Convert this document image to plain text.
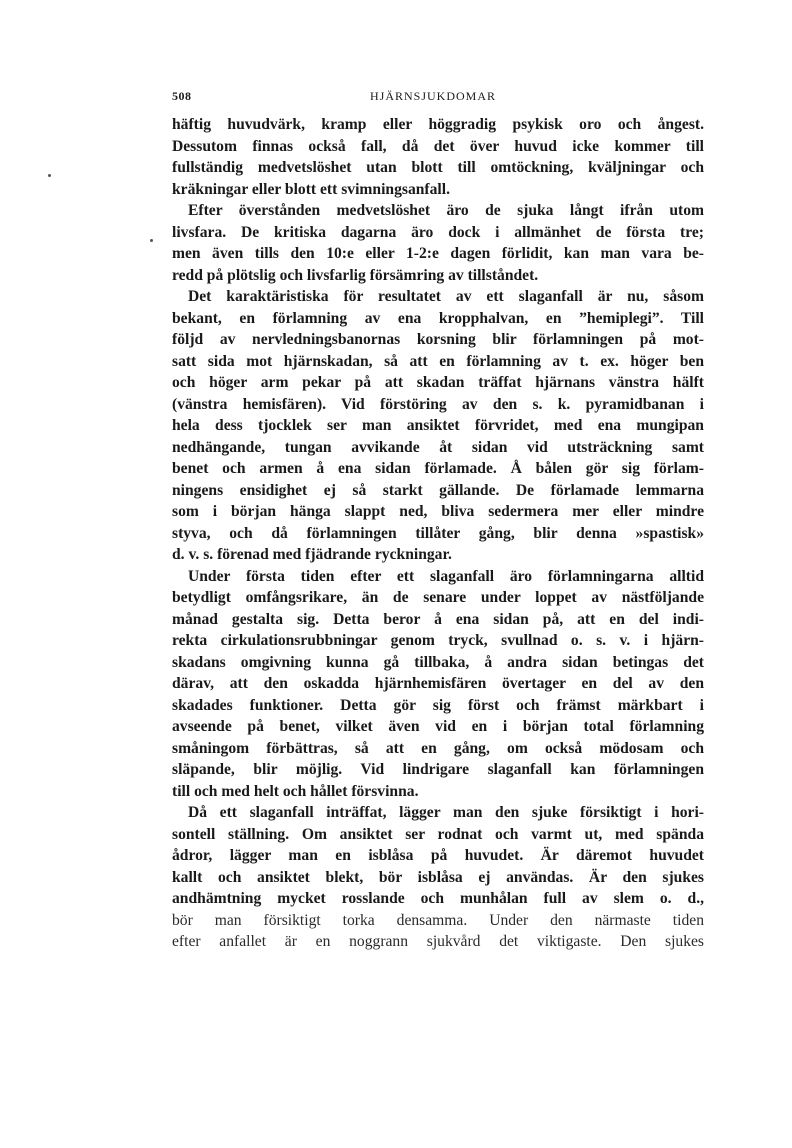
508	HJÄRNSJUKDOMAR
häftig huvudvärk, kramp eller höggradig psykisk oro och ångest.
Dessutom finnas också fall, då det över huvud icke kommer till
fullständig medvetslöshet utan blott till omtöckning, kväljningar och
kräkningar eller blott ett svimningsanfall.
Efter överstånden medvetslöshet äro de sjuka långt ifrån utom
livsfara. De kritiska dagarna äro dock i allmänhet de första tre;
men även tills den 10:e eller 1-2:e dagen förlidit, kan man vara be-
redd på plötslig och livsfarlig försämring av tillståndet.
Det karaktäristiska för resultatet av ett slaganfall är nu, såsom
bekant, en förlamning av ena kropphalvan, en ”hemiplegi”. Till
följd av nervledningsbanornas korsning blir förlamningen på mot-
satt sida mot hjärnskadan, så att en förlamning av t. ex. höger ben
och höger arm pekar på att skadan träffat hjärnans vänstra hälft
(vänstra hemisfären). Vid förstöring av den s. k. pyramidbanan i
hela dess tjocklek ser man ansiktet förvridet, med ena mungipan
nedhängande, tungan avvikande åt sidan vid utsträckning samt
benet och armen å ena sidan förlamade. Å bålen gör sig förlam-
ningens ensidighet ej så starkt gällande. De förlamade lemmarna
som i början hänga slappt ned, bliva sedermera mer eller mindre
styva, och då förlamningen tillåter gång, blir denna »spastisk»
d. v. s. förenad med fjädrande ryckningar.
Under första tiden efter ett slaganfall äro förlamningarna alltid
betydligt omfångsrikare, än de senare under loppet av nästföljande
månad gestalta sig. Detta beror å ena sidan på, att en del indi-
rekta cirkulationsrubbningar genom tryck, svullnad o. s. v. i hjärn-
skadans omgivning kunna gå tillbaka, å andra sidan betingas det
därav, att den oskadda hjärnhemisfären övertager en del av den
skadades funktioner. Detta gör sig först och främst märkbart i
avseende på benet, vilket även vid en i början total förlamning
småningom förbättras, så att en gång, om också mödosam och
släpande, blir möjlig. Vid lindrigare slaganfall kan förlamningen
till och med helt och hållet försvinna.
Då ett slaganfall inträffat, lägger man den sjuke försiktigt i hori-
sontell ställning. Om ansiktet ser rodnat och varmt ut, med spända
ådror, lägger man en isblåsa på huvudet. Är däremot huvudet
kallt och ansiktet blekt, bör isblåsa ej användas. Är den sjukes
andhämtning mycket rosslande och munhålan full av slem o. d.,
bör man försiktigt torka densamma. Under den närmaste tiden
efter anfallet är en noggrann sjukvård det viktigaste. Den sjukes
